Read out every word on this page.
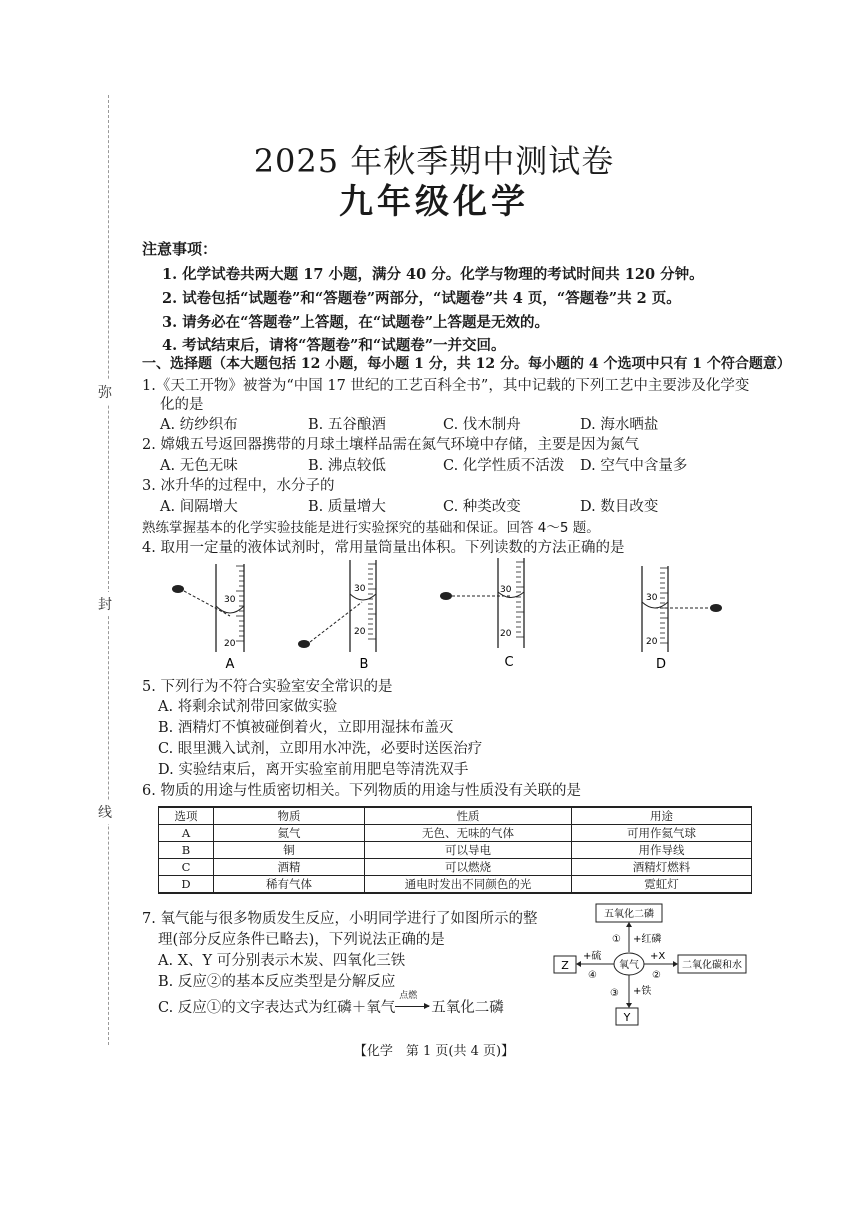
弥
封
线
2025 年秋季期中测试卷
九年级化学
注意事项：
1. 化学试卷共两大题 17 小题，满分 40 分。化学与物理的考试时间共 120 分钟。
2. 试卷包括“试题卷”和“答题卷”两部分，“试题卷”共 4 页，“答题卷”共 2 页。
3. 请务必在“答题卷”上答题，在“试题卷”上答题是无效的。
4. 考试结束后，请将“答题卷”和“试题卷”一并交回。
一、选择题（本大题包括 12 小题，每小题 1 分，共 12 分。每小题的 4 个选项中只有 1 个符合题意）
1.《天工开物》被誉为“中国 17 世纪的工艺百科全书”，其中记载的下列工艺中主要涉及化学变
化的是
A. 纺纱织布	B. 五谷酿酒	C. 伐木制舟	D. 海水晒盐
2. 嫦娥五号返回器携带的月球土壤样品需在氮气环境中存储，主要是因为氮气
A. 无色无味	B. 沸点较低	C. 化学性质不活泼 D. 空气中含量多
3. 冰升华的过程中，水分子的
A. 间隔增大	B. 质量增大	C. 种类改变	D. 数目改变
熟练掌握基本的化学实验技能是进行实验探究的基础和保证。回答 4～5 题。
4. 取用一定量的液体试剂时，常用量筒量出体积。下列读数的方法正确的是
30
20
30
20
30
20
30
20
A	B	C	D
5. 下列行为不符合实验室安全常识的是
A. 将剩余试剂带回家做实验
B. 酒精灯不慎被碰倒着火，立即用湿抹布盖灭
C. 眼里溅入试剂，立即用水冲洗，必要时送医治疗
D. 实验结束后，离开实验室前用肥皂等清洗双手
6. 物质的用途与性质密切相关。下列物质的用途与性质没有关联的是
选项	物质	性质	用途
A	氦气	无色、无味的气体	可用作氦气球
B	铜	可以导电	用作导线
C	酒精	可以燃烧	酒精灯燃料
D	稀有气体	通电时发出不同颜色的光	霓虹灯
7. 氧气能与很多物质发生反应，小明同学进行了如图所示的整
理(部分反应条件已略去)，下列说法正确的是
A. X、Y 可分别表示木炭、四氧化三铁
B. 反应②的基本反应类型是分解反应
C. 反应①的文字表达式为红磷＋氧气
点燃
五氧化二磷
五氧化二磷
① +红磷
氧气
+X
②
二氧化碳和水
+硫
④
Z
③ +铁
Y
【化学　第 1 页(共 4 页)】
